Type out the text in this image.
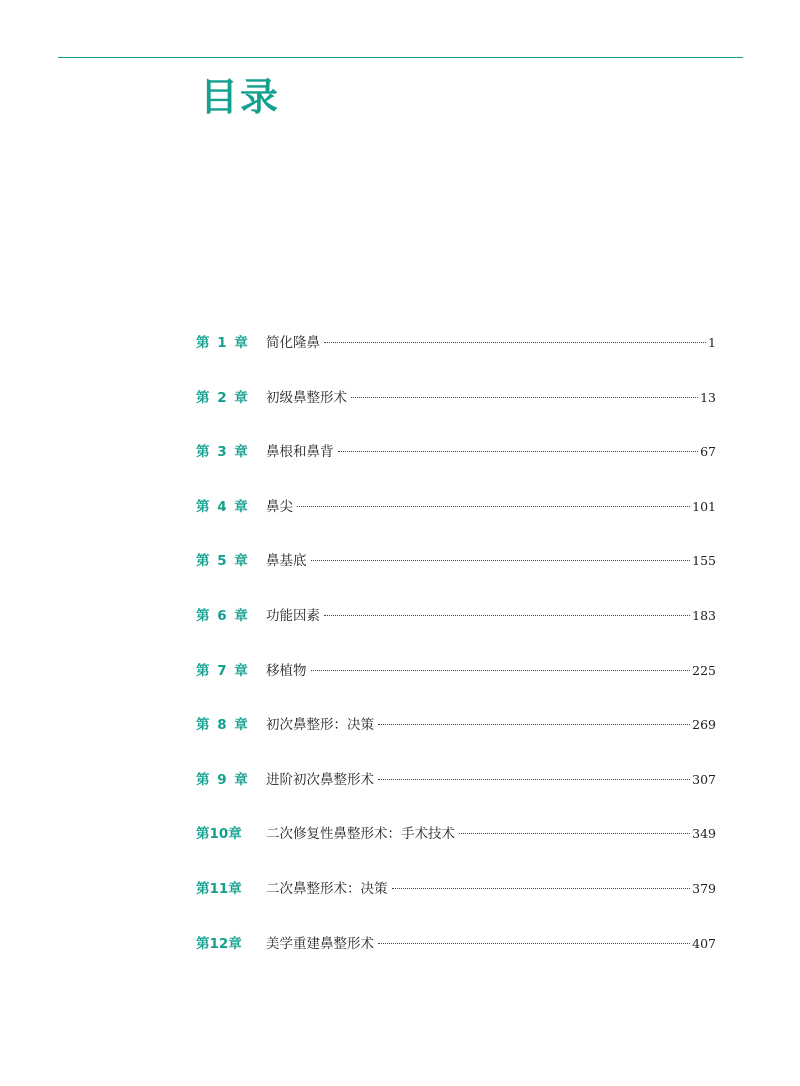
目录
第 1 章	简化隆鼻	1
第 2 章	初级鼻整形术	13
第 3 章	鼻根和鼻背	67
第 4 章	鼻尖	101
第 5 章	鼻基底	155
第 6 章	功能因素	183
第 7 章	移植物	225
第 8 章	初次鼻整形：决策	269
第 9 章	进阶初次鼻整形术	307
第10章	二次修复性鼻整形术：手术技术	349
第11章	二次鼻整形术：决策	379
第12章	美学重建鼻整形术	407
